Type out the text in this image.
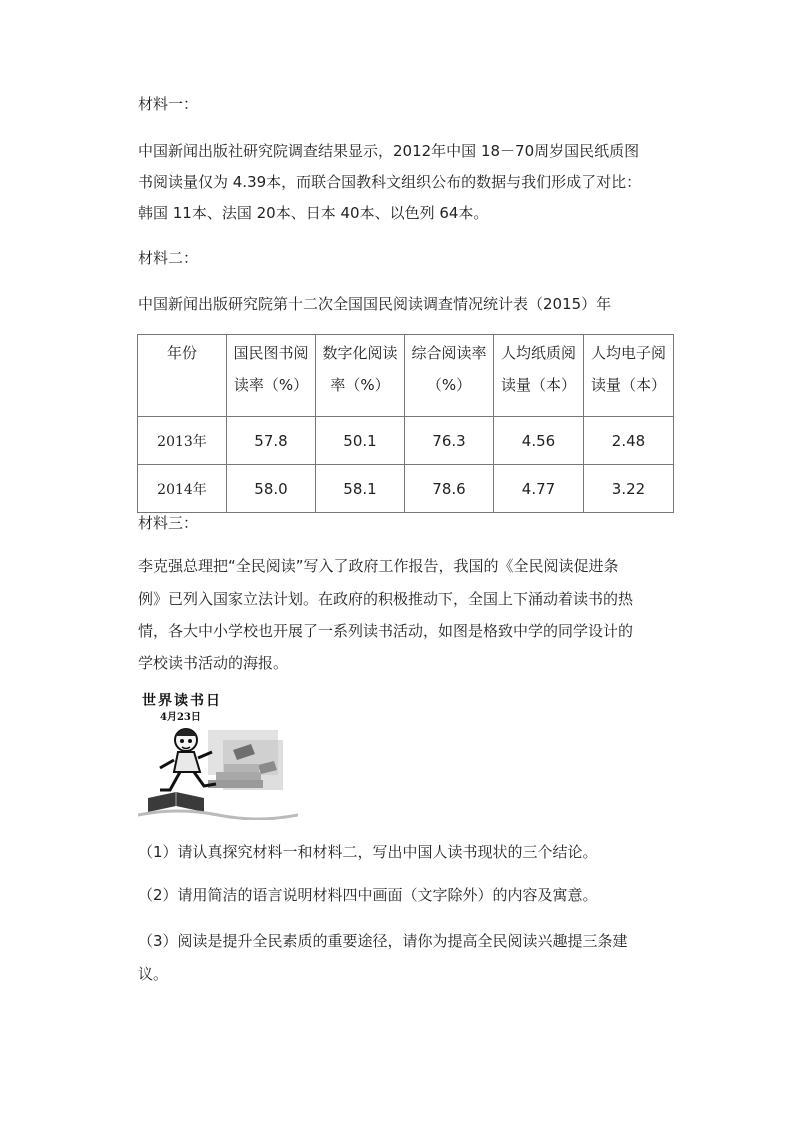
材料一：

中国新闻出版社研究院调查结果显示，2012年中国 18－70周岁国民纸质图

书阅读量仅为 4.39本，而联合国教科文组织公布的数据与我们形成了对比：

韩国 11本、法国 20本、日本 40本、以色列 64本。

材料二：

中国新闻出版研究院第十二次全国国民阅读调查情况统计表（2015）年

年份	国民图书阅读率（%）	数字化阅读率（%）	综合阅读率（%）	人均纸质阅读量（本）	人均电子阅读量（本）
2013年	57.8	50.1	76.3	4.56	2.48
2014年	58.0	58.1	78.6	4.77	3.22

材料三：

李克强总理把“全民阅读”写入了政府工作报告，我国的《全民阅读促进条

例》已列入国家立法计划。在政府的积极推动下，全国上下涌动着读书的热

情，各大中小学校也开展了一系列读书活动，如图是格致中学的同学设计的

学校读书活动的海报。

世界读书日
4月23日

（1）请认真探究材料一和材料二，写出中国人读书现状的三个结论。

（2）请用简洁的语言说明材料四中画面（文字除外）的内容及寓意。

（3）阅读是提升全民素质的重要途径，请你为提高全民阅读兴趣提三条建

议。
